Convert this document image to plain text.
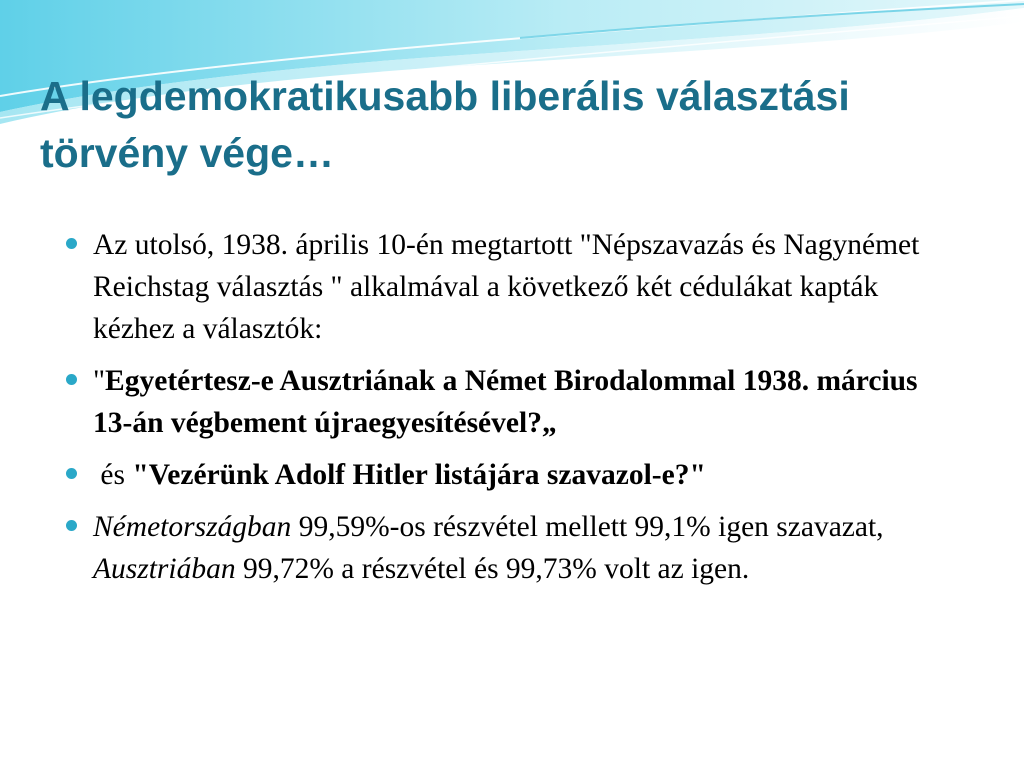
A legdemokratikusabb liberális választási törvény vége…
Az utolsó, 1938. április 10-én megtartott "Népszavazás és Nagynémet Reichstag választás " alkalmával a következő két cédulákat kapták kézhez a választók:
"Egyetértesz-e Ausztriának a Német Birodalommal 1938. március 13-án végbement újraegyesítésével?„
és "Vezérünk Adolf Hitler listájára szavazol-e?"
Németországban 99,59%-os részvétel mellett 99,1% igen szavazat, Ausztriában 99,72% a részvétel és 99,73% volt az igen.
